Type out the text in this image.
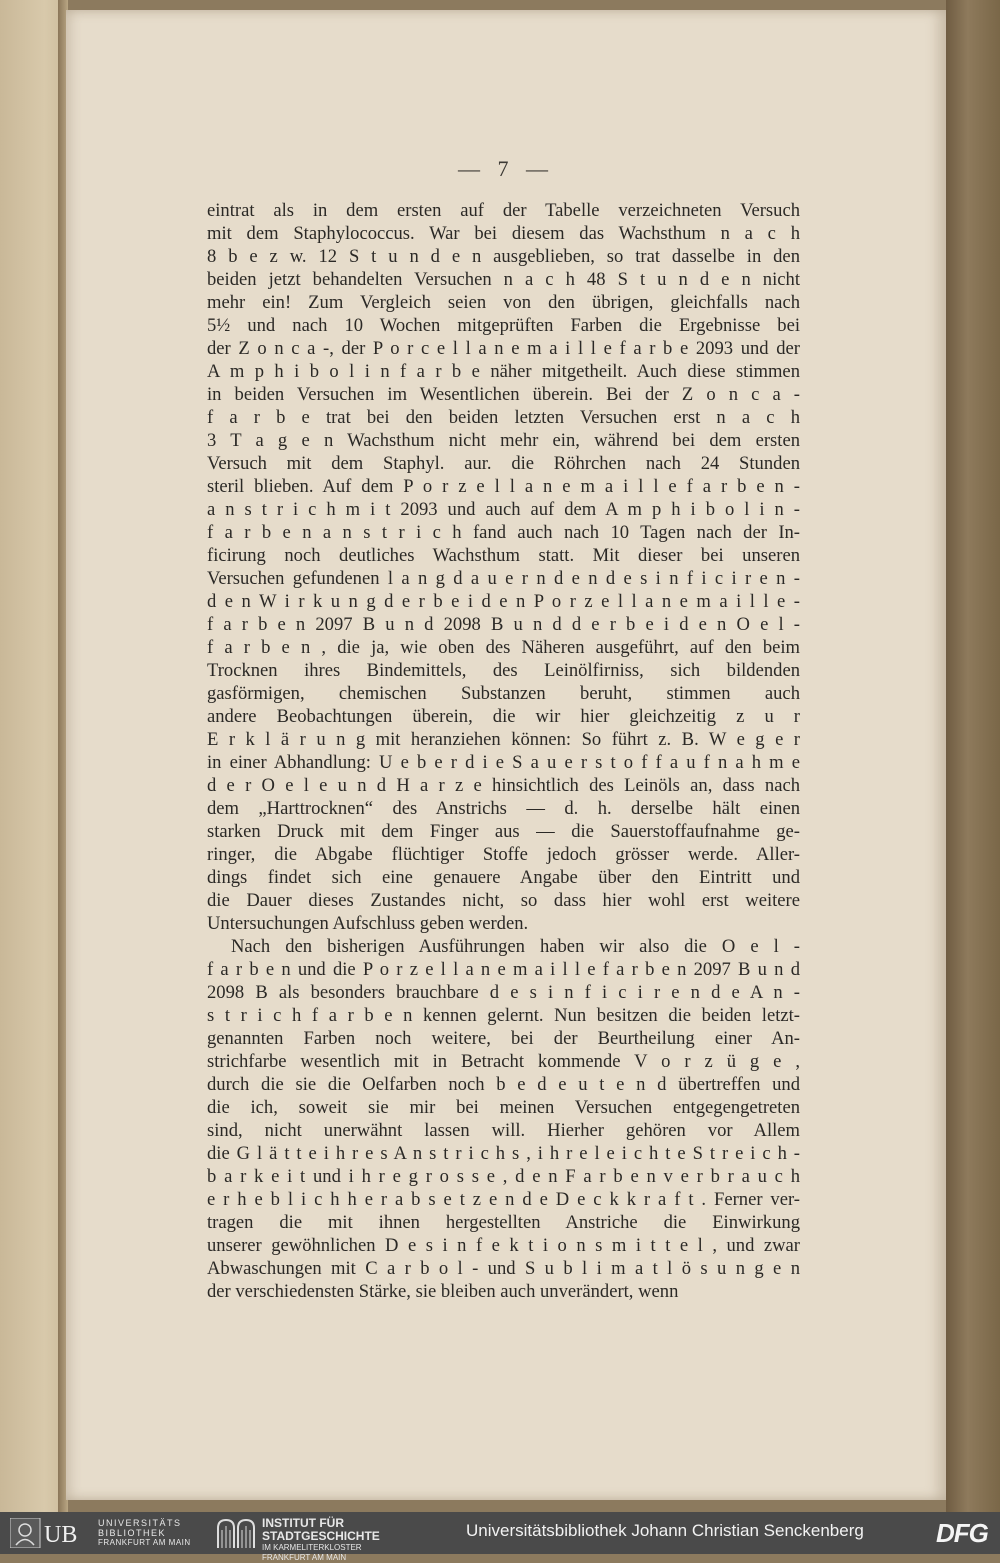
— 7 —
eintrat als in dem ersten auf der Tabelle verzeichneten Versuch
mit dem Staphylococcus. War bei diesem das Wachsthum n a c h
8 b e z w. 12 S t u n d e n ausgeblieben, so trat dasselbe in den
beiden jetzt behandelten Versuchen n a c h 48 S t u n d e n nicht
mehr ein! Zum Vergleich seien von den übrigen, gleichfalls nach
5½ und nach 10 Wochen mitgeprüften Farben die Ergebnisse bei
der Z o n c a -, der P o r c e l l a n e m a i l l e f a r b e 2093 und der
A m p h i b o l i n f a r b e näher mitgetheilt. Auch diese stimmen
in beiden Versuchen im Wesentlichen überein. Bei der Z o n c a -
f a r b e trat bei den beiden letzten Versuchen erst n a c h
3 T a g e n Wachsthum nicht mehr ein, während bei dem ersten
Versuch mit dem Staphyl. aur. die Röhrchen nach 24 Stunden
steril blieben. Auf dem P o r z e l l a n e m a i l l e f a r b e n -
a n s t r i c h m i t 2093 und auch auf dem A m p h i b o l i n -
f a r b e n a n s t r i c h fand auch nach 10 Tagen nach der In-
ficirung noch deutliches Wachsthum statt. Mit dieser bei unseren
Versuchen gefundenen l a n g d a u e r n d e n d e s i n f i c i r e n -
d e n W i r k u n g d e r b e i d e n P o r z e l l a n e m a i l l e -
f a r b e n 2097 B u n d 2098 B u n d d e r b e i d e n O e l -
f a r b e n , die ja, wie oben des Näheren ausgeführt, auf den beim
Trocknen ihres Bindemittels, des Leinölfirniss, sich bildenden
gasförmigen, chemischen Substanzen beruht, stimmen auch
andere Beobachtungen überein, die wir hier gleichzeitig z u r
E r k l ä r u n g mit heranziehen können: So führt z. B. W e g e r
in einer Abhandlung: U e b e r d i e S a u e r s t o f f a u f n a h m e
d e r O e l e u n d H a r z e hinsichtlich des Leinöls an, dass nach
dem „Harttrocknen“ des Anstrichs — d. h. derselbe hält einen
starken Druck mit dem Finger aus — die Sauerstoffaufnahme ge-
ringer, die Abgabe flüchtiger Stoffe jedoch grösser werde. Aller-
dings findet sich eine genauere Angabe über den Eintritt und
die Dauer dieses Zustandes nicht, so dass hier wohl erst weitere
Untersuchungen Aufschluss geben werden.
Nach den bisherigen Ausführungen haben wir also die O e l -
f a r b e n und die P o r z e l l a n e m a i l l e f a r b e n 2097 B u n d
2098 B als besonders brauchbare d e s i n f i c i r e n d e A n -
s t r i c h f a r b e n kennen gelernt. Nun besitzen die beiden letzt-
genannten Farben noch weitere, bei der Beurtheilung einer An-
strichfarbe wesentlich mit in Betracht kommende V o r z ü g e ,
durch die sie die Oelfarben noch b e d e u t e n d übertreffen und
die ich, soweit sie mir bei meinen Versuchen entgegengetreten
sind, nicht unerwähnt lassen will. Hierher gehören vor Allem
die G l ä t t e i h r e s A n s t r i c h s , i h r e l e i c h t e S t r e i c h -
b a r k e i t und i h r e g r o s s e , d e n F a r b e n v e r b r a u c h
e r h e b l i c h h e r a b s e t z e n d e D e c k k r a f t . Ferner ver-
tragen die mit ihnen hergestellten Anstriche die Einwirkung
unserer gewöhnlichen D e s i n f e k t i o n s m i t t e l , und zwar
Abwaschungen mit C a r b o l - und S u b l i m a t l ö s u n g e n
der verschiedensten Stärke, sie bleiben auch unverändert, wenn
UB UNIVERSITÄTS
BIBLIOTHEK
FRANKFURT AM MAIN
INSTITUT FÜR
STADTGESCHICHTE
IM KARMELITERKLOSTER
FRANKFURT AM MAIN
Universitätsbibliothek Johann Christian Senckenberg	DFG
